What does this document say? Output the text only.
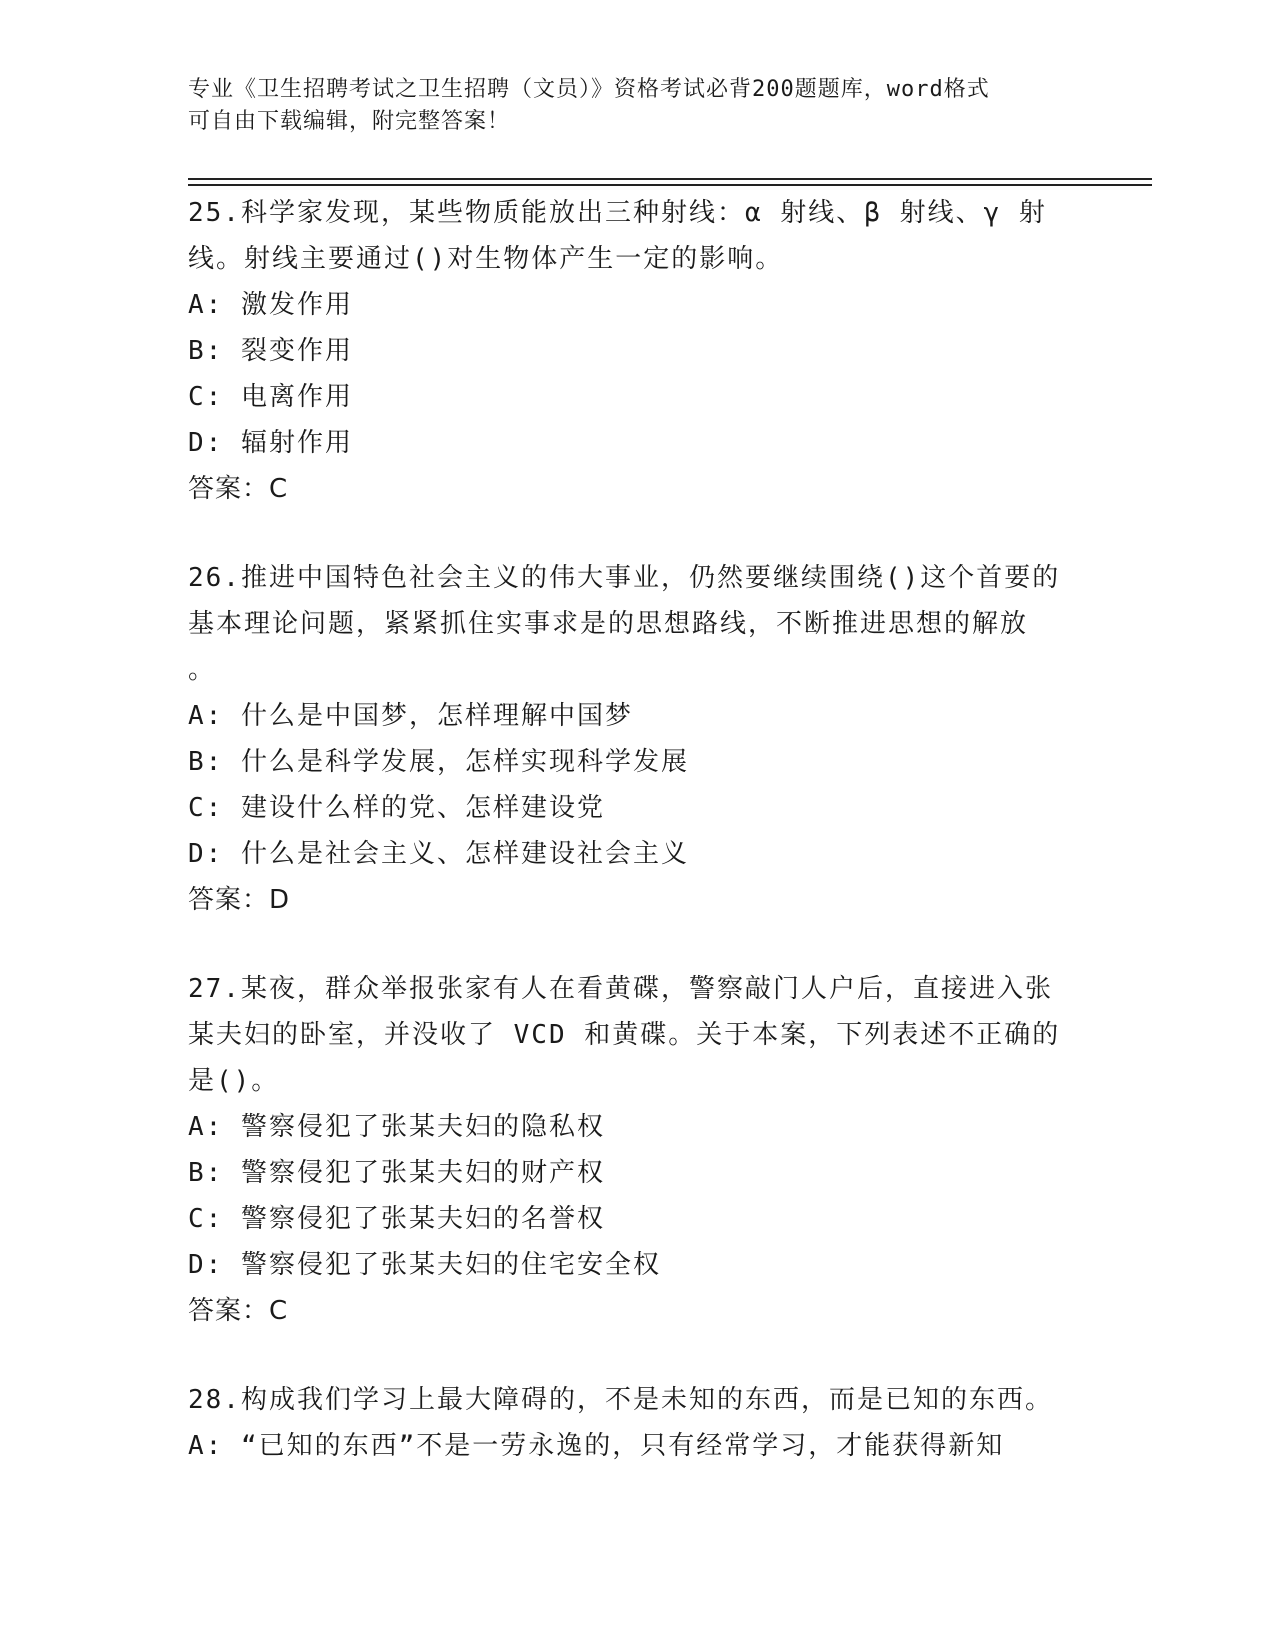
专业《卫生招聘考试之卫生招聘（文员）》资格考试必背200题题库，word格式
可自由下载编辑，附完整答案！
25.科学家发现，某些物质能放出三种射线：α 射线、β 射线、γ 射
线。射线主要通过()对生物体产生一定的影响。
A: 激发作用
B: 裂变作用
C: 电离作用
D: 辐射作用
答案：C
26.推进中国特色社会主义的伟大事业，仍然要继续围绕()这个首要的
基本理论问题，紧紧抓住实事求是的思想路线，不断推进思想的解放
。
A: 什么是中国梦，怎样理解中国梦
B: 什么是科学发展，怎样实现科学发展
C: 建设什么样的党、怎样建设党
D: 什么是社会主义、怎样建设社会主义
答案：D
27.某夜，群众举报张家有人在看黄碟，警察敲门人户后，直接进入张
某夫妇的卧室，并没收了 VCD 和黄碟。关于本案，下列表述不正确的
是()。
A: 警察侵犯了张某夫妇的隐私权
B: 警察侵犯了张某夫妇的财产权
C: 警察侵犯了张某夫妇的名誉权
D: 警察侵犯了张某夫妇的住宅安全权
答案：C
28.构成我们学习上最大障碍的，不是未知的东西，而是已知的东西。
A: “已知的东西”不是一劳永逸的，只有经常学习，才能获得新知
